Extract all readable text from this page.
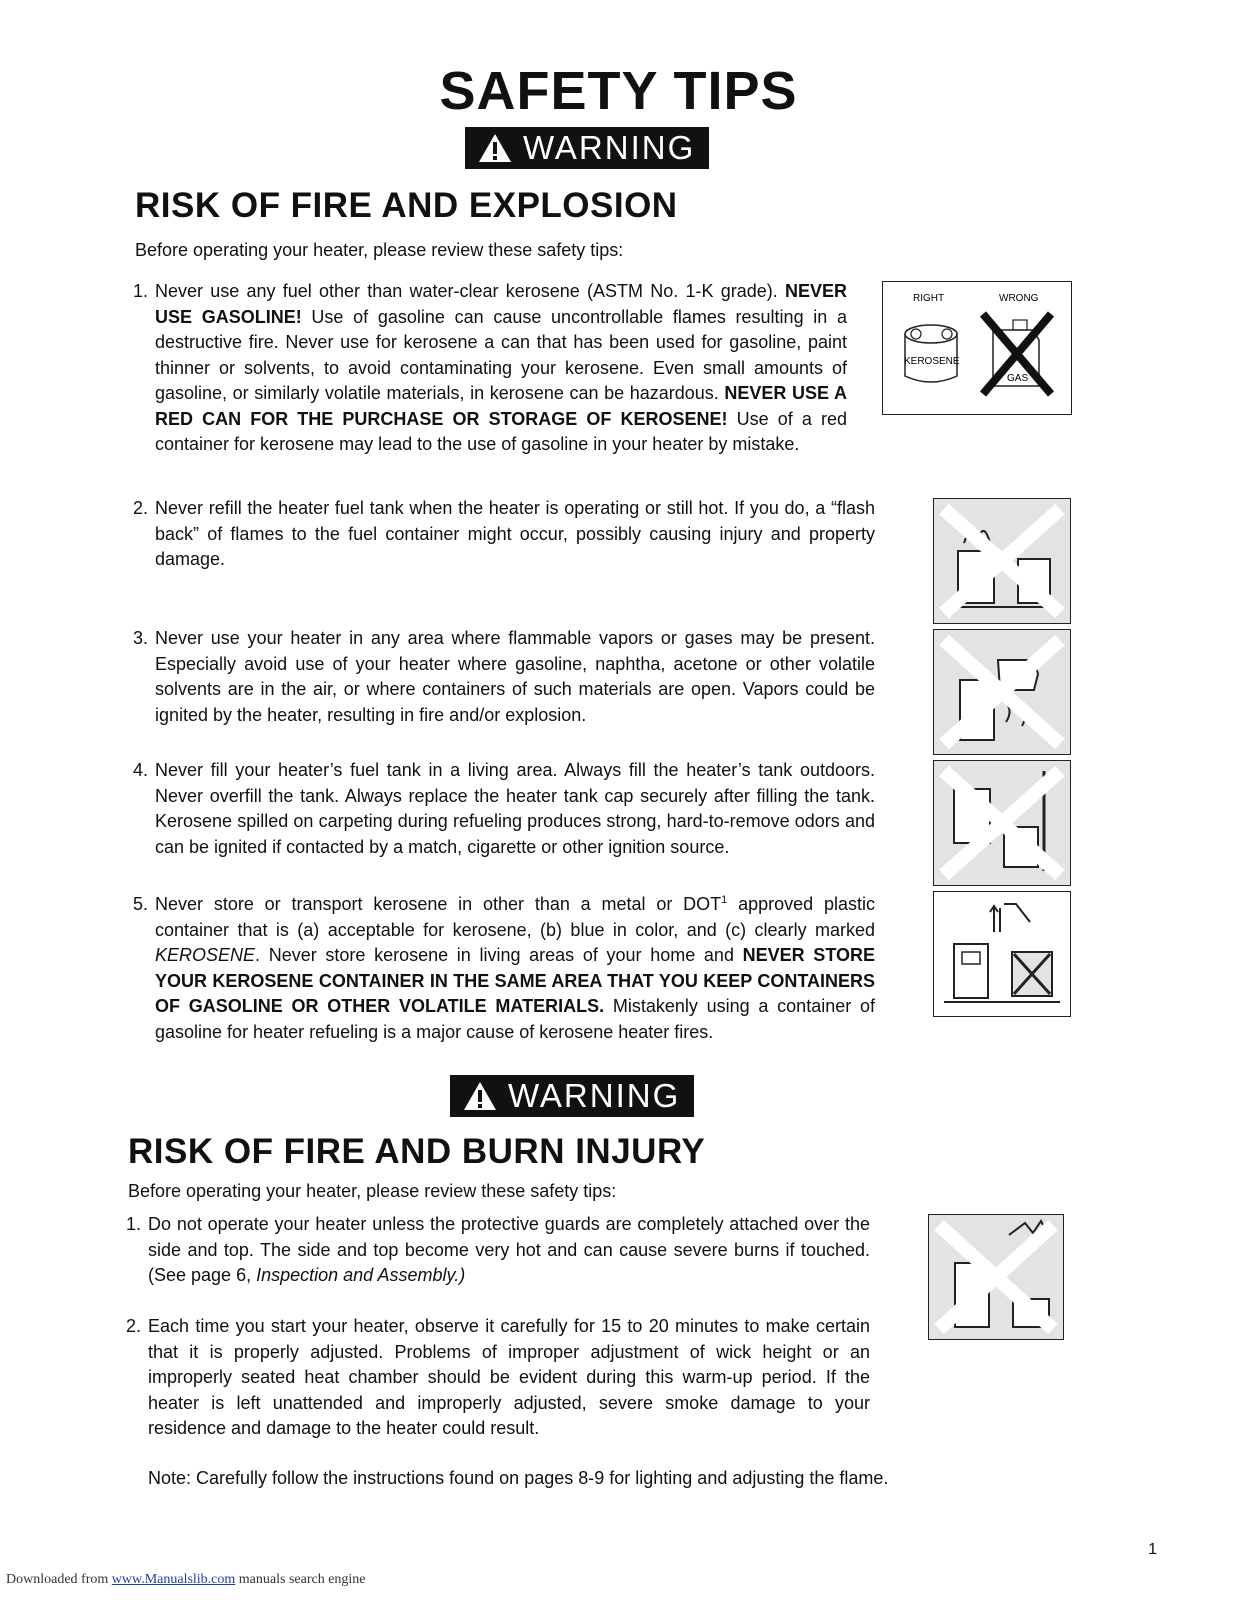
SAFETY TIPS
WARNING
RISK OF FIRE AND EXPLOSION

Before operating your heater, please review these safety tips:

1. Never use any fuel other than water-clear kerosene (ASTM No. 1-K grade). NEVER USE GASOLINE! Use of gasoline can cause uncontrollable flames resulting in a destructive fire. Never use for kerosene a can that has been used for gasoline, paint thinner or solvents, to avoid contaminating your kerosene. Even small amounts of gasoline, or similarly volatile materials, in kerosene can be hazardous. NEVER USE A RED CAN FOR THE PURCHASE OR STORAGE OF KEROSENE! Use of a red container for kerosene may lead to the use of gasoline in your heater by mistake.

2. Never refill the heater fuel tank when the heater is operating or still hot. If you do, a “flash back” of flames to the fuel container might occur, possibly causing injury and property damage.

3. Never use your heater in any area where flammable vapors or gases may be present. Especially avoid use of your heater where gasoline, naphtha, acetone or other volatile solvents are in the air, or where containers of such materials are open. Vapors could be ignited by the heater, resulting in fire and/or explosion.

4. Never fill your heater’s fuel tank in a living area. Always fill the heater’s tank outdoors. Never overfill the tank. Always replace the heater tank cap securely after filling the tank. Kerosene spilled on carpeting during refueling produces strong, hard-to-remove odors and can be ignited if contacted by a match, cigarette or other ignition source.

5. Never store or transport kerosene in other than a metal or DOT$^1$ approved plastic container that is (a) acceptable for kerosene, (b) blue in color, and (c) clearly marked KEROSENE. Never store kerosene in living areas of your home and NEVER STORE YOUR KEROSENE CONTAINER IN THE SAME AREA THAT YOU KEEP CONTAINERS OF GASOLINE OR OTHER VOLATILE MATERIALS. Mistakenly using a container of gasoline for heater refueling is a major cause of kerosene heater fires.

RIGHT	WRONG
KEROSENE
GAS
WARNING
RISK OF FIRE AND BURN INJURY

Before operating your heater, please review these safety tips:

1. Do not operate your heater unless the protective guards are completely attached over the side and top. The side and top become very hot and can cause severe burns if touched. (See page 6, Inspection and Assembly.)

2. Each time you start your heater, observe it carefully for 15 to 20 minutes to make certain that it is properly adjusted. Problems of improper adjustment of wick height or an improperly seated heat chamber should be evident during this warm-up period. If the heater is left unattended and improperly adjusted, severe smoke damage to your residence and damage to the heater could result.

Note: Carefully follow the instructions found on pages 8-9 for lighting and adjusting the flame.

1
Downloaded from www.Manualslib.com manuals search engine
